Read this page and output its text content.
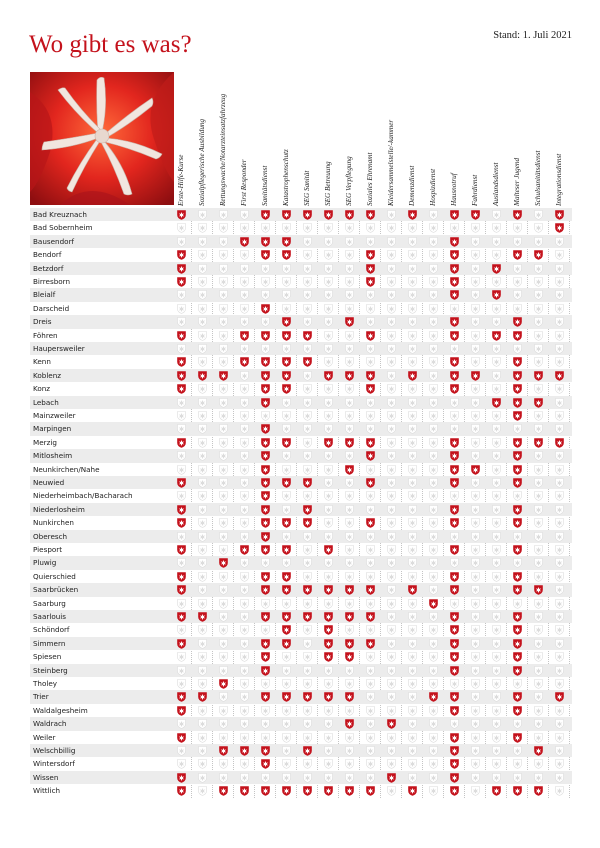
Wo gibt es was?	Stand: 1. Juli 2021
Erste-Hilfe-Kurse Sozialpflegerische Ausbildung Rettungswache/Notarzteinsatzfahrzeug First Responder Sanitätsdienst Katastrophenschutz SEG Sanität SEG Betreuung SEG Verpflegung Soziales Ehrenamt Kleidersammelstelle/-kammer Demenzdienst Hospizdienst Hausnotruf Fahrdienst Auslandsdienst Malteser Jugend Schulsanitätsdienst Integrationsdienst
Bad Kreuznach
Bad Sobernheim
Bausendorf
Bendorf
Betzdorf
Birresborn
Bleialf
Darscheid
Dreis
Föhren
Haupersweiler
Kenn
Koblenz
Konz
Lebach
Mainzweiler
Marpingen
Merzig
Mitlosheim
Neunkirchen/Nahe
Neuwied
Niederheimbach/Bacharach
Niederlosheim
Nunkirchen
Oberesch
Piesport
Pluwig
Quierschied
Saarbrücken
Saarburg
Saarlouis
Schöndorf
Simmern
Spiesen
Steinberg
Tholey
Trier
Waldalgesheim
Waldrach
Weiler
Welschbillig
Wintersdorf
Wissen
Wittlich
